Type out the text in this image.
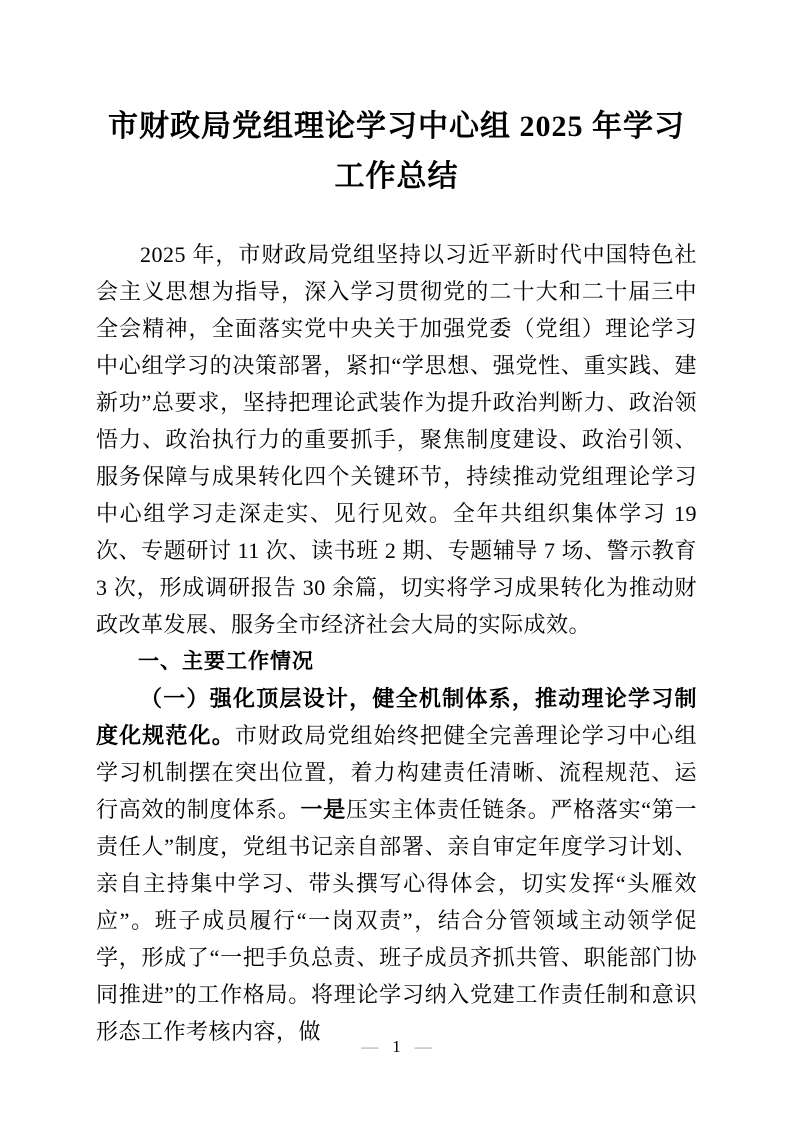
市财政局党组理论学习中心组 2025 年学习工作总结

2025 年，市财政局党组坚持以习近平新时代中国特色社会主义思想为指导，深入学习贯彻党的二十大和二十届三中全会精神，全面落实党中央关于加强党委（党组）理论学习中心组学习的决策部署，紧扣“学思想、强党性、重实践、建新功”总要求，坚持把理论武装作为提升政治判断力、政治领悟力、政治执行力的重要抓手，聚焦制度建设、政治引领、服务保障与成果转化四个关键环节，持续推动党组理论学习中心组学习走深走实、见行见效。全年共组织集体学习 19 次、专题研讨 11 次、读书班 2 期、专题辅导 7 场、警示教育 3 次，形成调研报告 30 余篇，切实将学习成果转化为推动财政改革发展、服务全市经济社会大局的实际成效。

一、主要工作情况

（一）强化顶层设计，健全机制体系，推动理论学习制度化规范化。市财政局党组始终把健全完善理论学习中心组学习机制摆在突出位置，着力构建责任清晰、流程规范、运行高效的制度体系。一是压实主体责任链条。严格落实“第一责任人”制度，党组书记亲自部署、亲自审定年度学习计划、亲自主持集中学习、带头撰写心得体会，切实发挥“头雁效应”。班子成员履行“一岗双责”，结合分管领域主动领学促学，形成了“一把手负总责、班子成员齐抓共管、职能部门协同推进”的工作格局。将理论学习纳入党建工作责任制和意识形态工作考核内容，做

— 1 —
